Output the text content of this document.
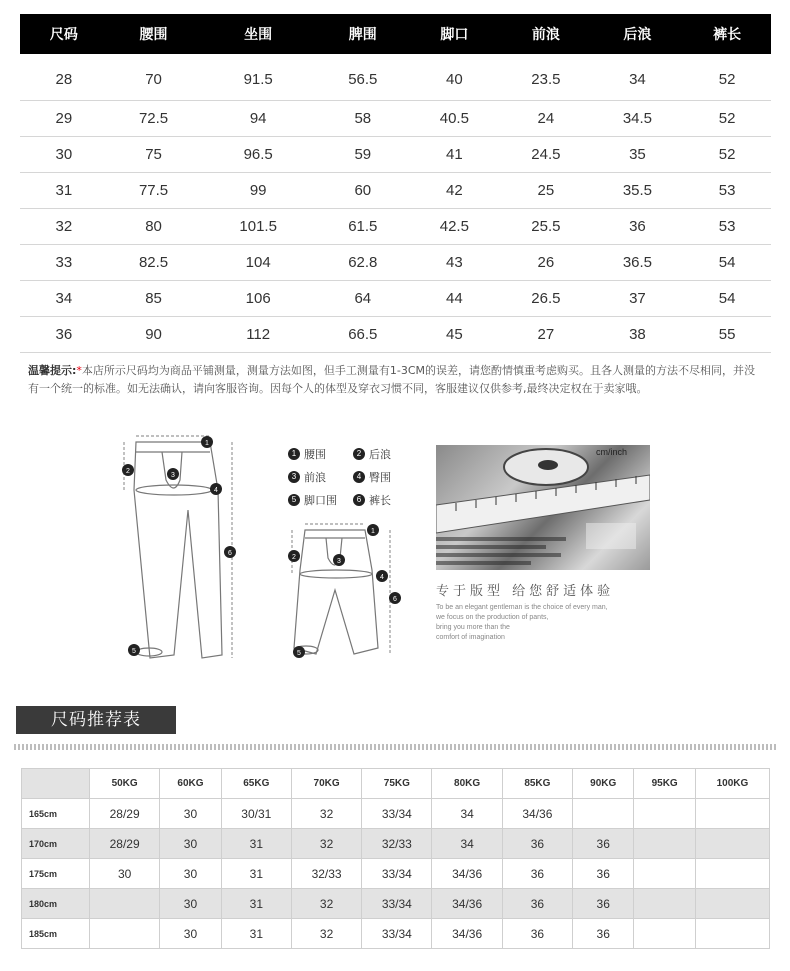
尺码	腰围	坐围	脾围	脚口	前浪	后浪	裤长
28	70	91.5	56.5	40	23.5	34	52
29	72.5	94	58	40.5	24	34.5	52
30	75	96.5	59	41	24.5	35	52
31	77.5	99	60	42	25	35.5	53
32	80	101.5	61.5	42.5	25.5	36	53
33	82.5	104	62.8	43	26	36.5	54
34	85	106	64	44	26.5	37	54
36	90	112	66.5	45	27	38	55
温馨提示:*本店所示尺码均为商品平铺测量，测量方法如图，但手工测量有1-3CM的误差，请您酌情慎重考虑购买。且各人测量的方法不尽相同，并没有一个统一的标准。如无法确认，请向客服咨询。因每个人的体型及穿衣习惯不同，客服建议仅供参考,最终决定权在于卖家哦。
1
2
3
4
5
6
1
2
3
4
5
6
1 腰围	2 后浪
3 前浪	4 臀围
5 脚口围	6 裤长
cm/inch
专于版型 给您舒适体验
To be an elegant gentleman is the choice of every man,
we focus on the production of pants,
bring you more than the
comfort of imagination
尺码推荐表
	50KG	60KG	65KG	70KG	75KG	80KG	85KG	90KG	95KG	100KG
165cm	28/29	30	30/31	32	33/34	34	34/36			
170cm	28/29	30	31	32	32/33	34	36	36		
175cm	30	30	31	32/33	33/34	34/36	36	36		
180cm		30	31	32	33/34	34/36	36	36		
185cm		30	31	32	33/34	34/36	36	36		
